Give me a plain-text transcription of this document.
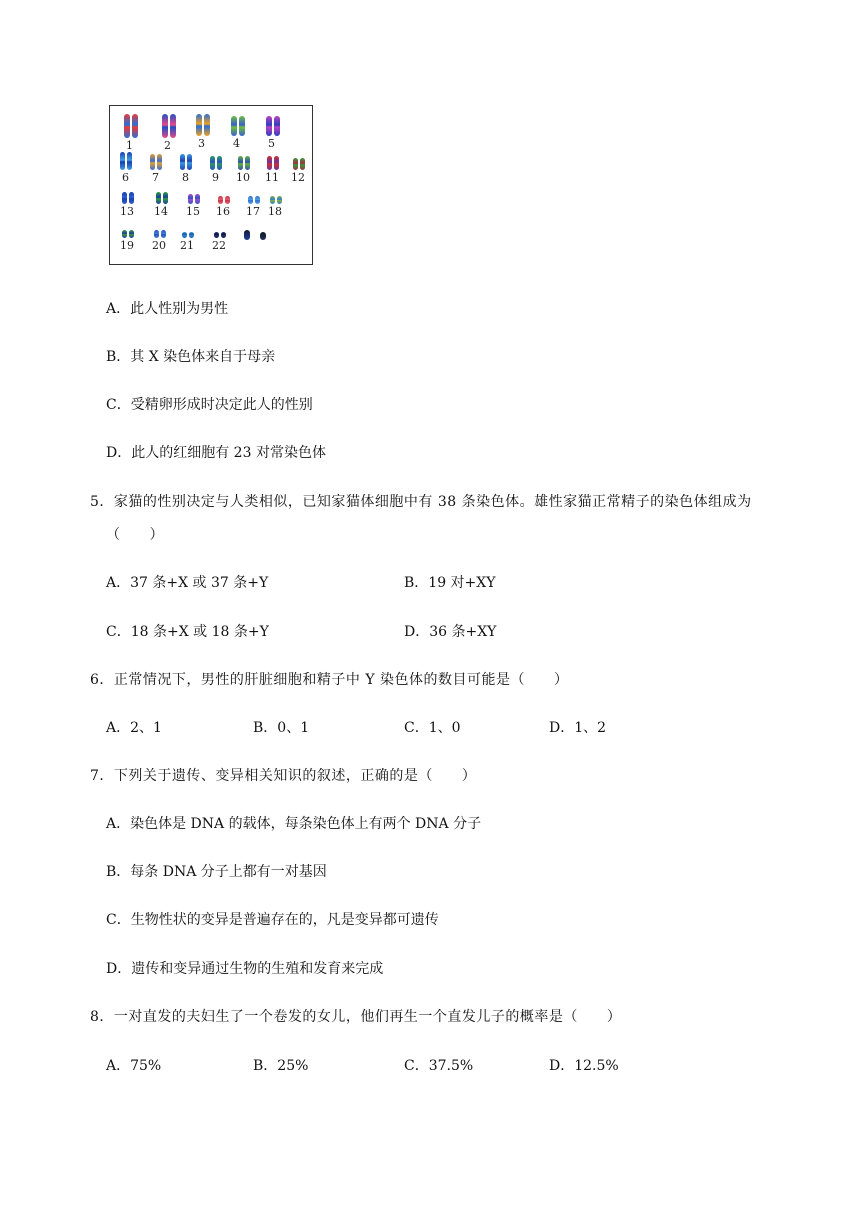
1	2 3	4	5
6 7 8 9 10 11 12
13 14 15 16 17 18
19 20 21 22
A．此人性别为男性
B．其 X 染色体来自于母亲
C．受精卵形成时决定此人的性别
D．此人的红细胞有 23 对常染色体
5．家猫的性别决定与人类相似，已知家猫体细胞中有 38 条染色体。雄性家猫正常精子的染色体组成为
（　　）
A．37 条+X 或 37 条+Y	B．19 对+XY
C．18 条+X 或 18 条+Y	D．36 条+XY
6．正常情况下，男性的肝脏细胞和精子中 Y 染色体的数目可能是（　　）
A．2、1	B．0、1	C．1、0	D．1、2
7．下列关于遗传、变异相关知识的叙述，正确的是（　　）
A．染色体是 DNA 的载体，每条染色体上有两个 DNA 分子
B．每条 DNA 分子上都有一对基因
C．生物性状的变异是普遍存在的，凡是变异都可遗传
D．遗传和变异通过生物的生殖和发育来完成
8．一对直发的夫妇生了一个卷发的女儿，他们再生一个直发儿子的概率是（　　）
A．75%	B．25%	C．37.5%	D．12.5%
